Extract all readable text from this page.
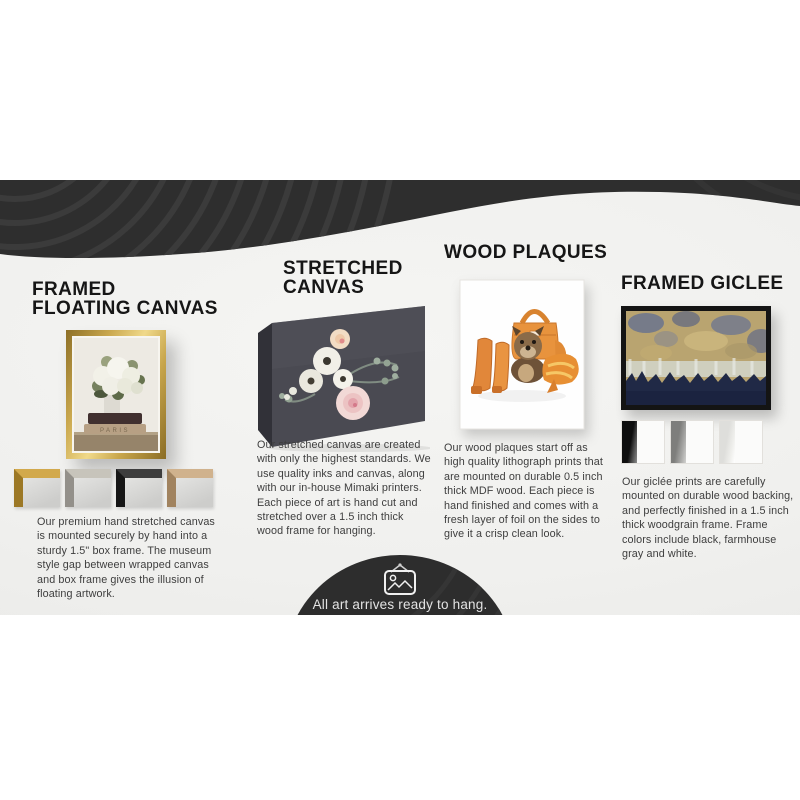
FRAMED
FLOATING CANVAS
PARIS
Our premium hand stretched canvas is mounted securely by hand into a sturdy 1.5" box frame. The museum style gap between wrapped canvas and box frame gives the illusion of floating artwork.
STRETCHED
CANVAS
Our stretched canvas are created with only the highest standards. We use quality inks and canvas, along with our in-house Mimaki printers. Each piece of art is hand cut and stretched over a 1.5 inch thick wood frame for hanging.
WOOD PLAQUES
Our wood plaques start off as high quality lithograph prints that are mounted on durable 0.5 inch thick MDF wood. Each piece is hand finished and comes with a fresh layer of foil on the sides to give it a crisp clean look.
FRAMED GICLEE
Our giclée prints are carefully mounted on durable wood backing, and perfectly finished in a 1.5 inch thick woodgrain frame. Frame colors include black, farmhouse gray and white.
All art arrives ready to hang.
